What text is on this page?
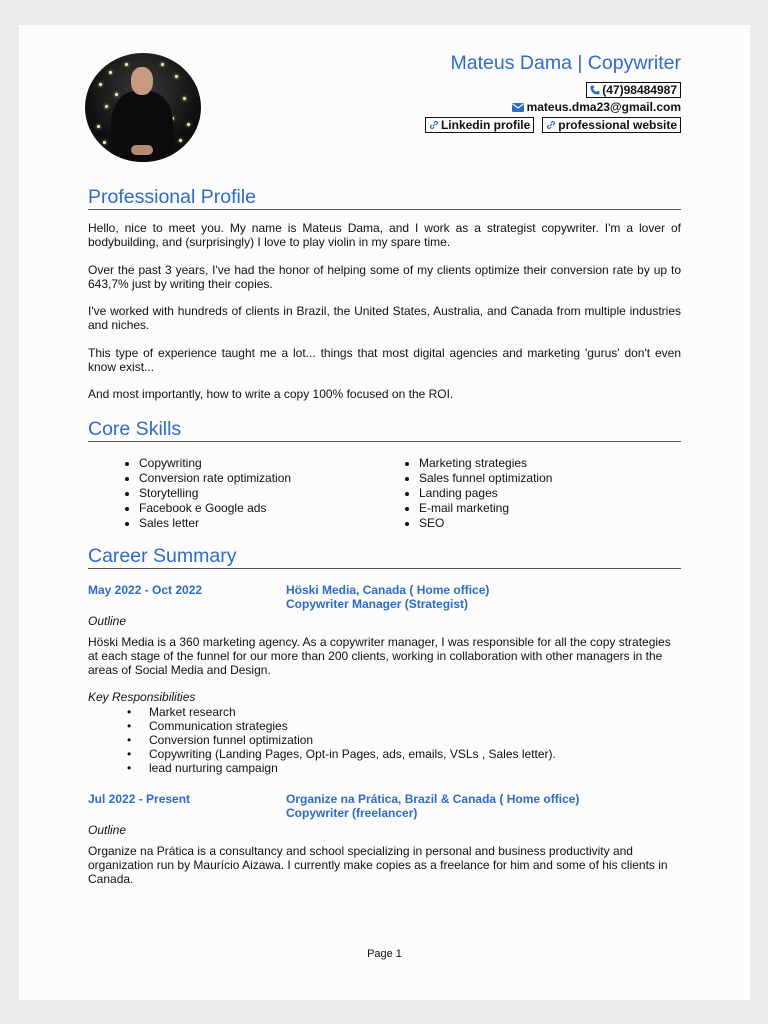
Mateus Dama | Copywriter
(47)98484987
mateus.dma23@gmail.com
Linkedin profile professional website
Professional Profile

Hello, nice to meet you. My name is Mateus Dama, and I work as a strategist copywriter. I'm a lover of bodybuilding, and (surprisingly) I love to play violin in my spare time.

Over the past 3 years, I've had the honor of helping some of my clients optimize their conversion rate by up to 643,7% just by writing their copies.

I've worked with hundreds of clients in Brazil, the United States, Australia, and Canada from multiple industries and niches.

This type of experience taught me a lot... things that most digital agencies and marketing 'gurus' don't even know exist...

And most importantly, how to write a copy 100% focused on the ROI.

Core Skills
• Copywriting
• Conversion rate optimization
• Storytelling
• Facebook e Google ads
• Sales letter
• Marketing strategies
• Sales funnel optimization
• Landing pages
• E-mail marketing
• SEO
Career Summary
May 2022 - Oct 2022	Höski Media, Canada ( Home office)
Copywriter Manager (Strategist)
Outline

Höski Media is a 360 marketing agency. As a copywriter manager, I was responsible for all the copy strategies at each stage of the funnel for our more than 200 clients, working in collaboration with other managers in the areas of Social Media and Design.

Key Responsibilities
• Market research
• Communication strategies
• Conversion funnel optimization
• Copywriting (Landing Pages, Opt-in Pages, ads, emails, VSLs , Sales letter).
• lead nurturing campaign
Jul 2022 - Present	Organize na Prática, Brazil & Canada ( Home office)
Copywriter (freelancer)
Outline

Organize na Prática is a consultancy and school specializing in personal and business productivity and organization run by Maurício Aizawa. I currently make copies as a freelance for him and some of his clients in Canada.

Page 1
